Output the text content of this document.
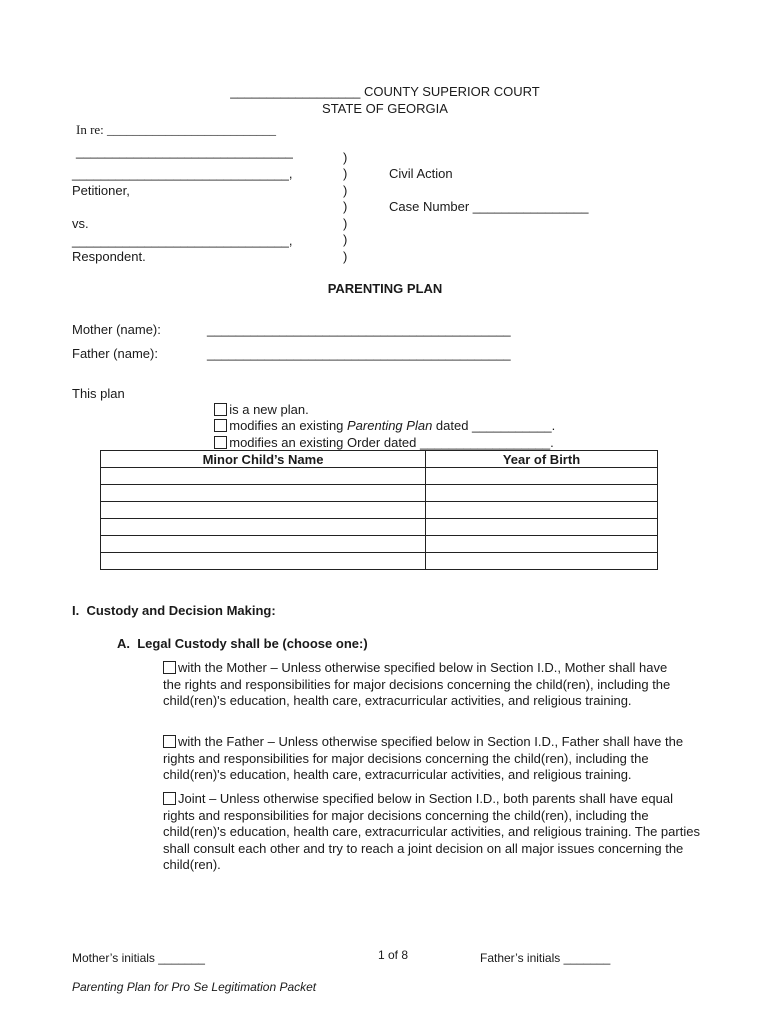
__________________ COUNTY SUPERIOR COURT
STATE OF GEORGIA
In re: __________________________
______________________________
______________________________,
Petitioner,
vs.
______________________________,
Respondent.
)
)
)
)
)
)
)
Civil Action
Case Number ________________
PARENTING PLAN
Mother (name):	__________________________________________
Father (name):	__________________________________________
This plan

is a new plan.

modifies an existing Parenting Plan dated ___________.

modifies an existing Order dated __________________.

Minor Child’s Name	Year of Birth

I.  Custody and Decision Making:
A.  Legal Custody shall be (choose one:)
with the Mother – Unless otherwise specified below in Section I.D., Mother shall have the rights and responsibilities for major decisions concerning the child(ren), including the child(ren)'s education, health care, extracurricular activities, and religious training.
with the Father – Unless otherwise specified below in Section I.D., Father shall have the rights and responsibilities for major decisions concerning the child(ren), including the child(ren)'s education, health care, extracurricular activities, and religious training.
Joint – Unless otherwise specified below in Section I.D., both parents shall have equal rights and responsibilities for major decisions concerning the child(ren), including the child(ren)'s education, health care, extracurricular activities, and religious training. The parties shall consult each other and try to reach a joint decision on all major issues concerning the child(ren).
Mother’s initials _______	1 of 8	Father’s initials _______
Parenting Plan for Pro Se Legitimation Packet
